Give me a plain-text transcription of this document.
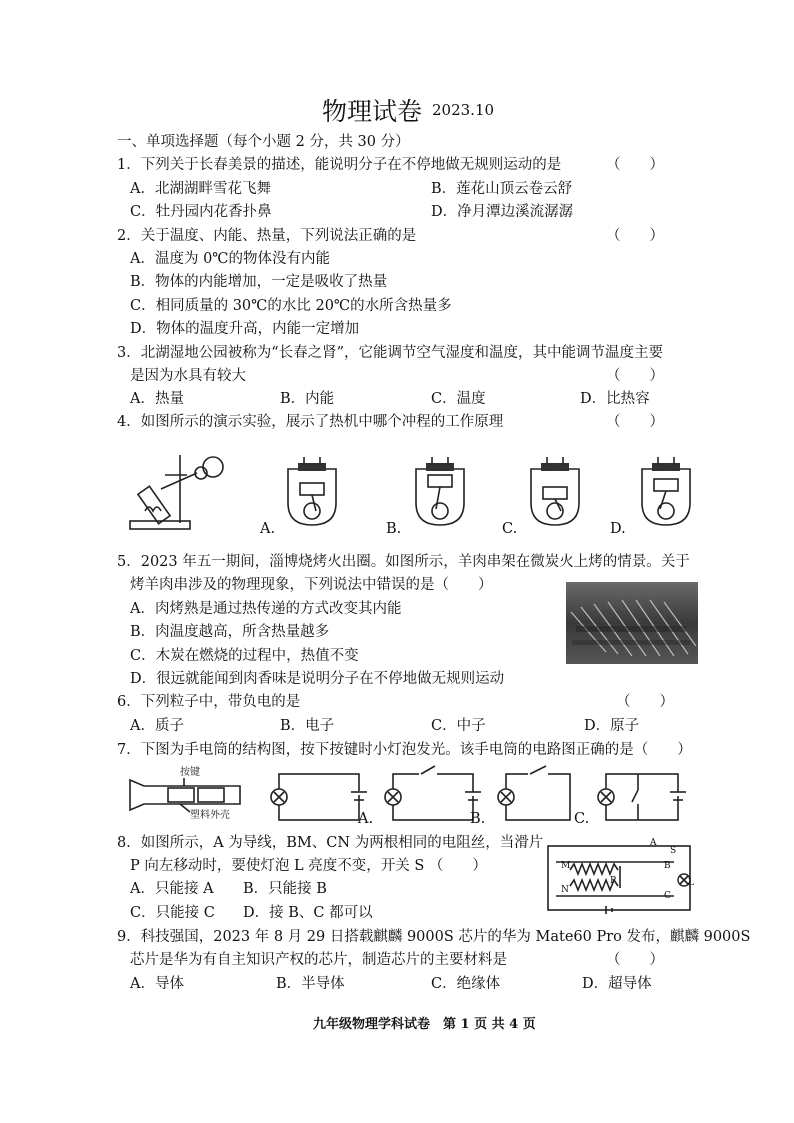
物理试卷 2023.10
一、单项选择题（每个小题 2 分，共 30 分）
1．下列关于长春美景的描述，能说明分子在不停地做无规则运动的是	（　　）
A．北湖湖畔雪花飞舞	B．莲花山顶云卷云舒
C．牡丹园内花香扑鼻	D．净月潭边溪流潺潺
2．关于温度、内能、热量，下列说法正确的是	（　　）
A．温度为 0℃的物体没有内能
B．物体的内能增加，一定是吸收了热量
C．相同质量的 30℃的水比 20℃的水所含热量多
D．物体的温度升高，内能一定增加
3．北湖湿地公园被称为“长春之肾”，它能调节空气湿度和温度，其中能调节温度主要
是因为水具有较大	（　　）
A．热量	B．内能	C．温度	D．比热容
4．如图所示的演示实验，展示了热机中哪个冲程的工作原理	（　　）
A.	B.	C.	D.
5．2023 年五一期间，淄博烧烤火出圈。如图所示，羊肉串架在微炭火上烤的情景。关于
烤羊肉串涉及的物理现象，下列说法中错误的是（　　）
A．肉烤熟是通过热传递的方式改变其内能
B．肉温度越高，所含热量越多
C．木炭在燃烧的过程中，热值不变
D．很远就能闻到肉香味是说明分子在不停地做无规则运动
6．下列粒子中，带负电的是	（　　）
A．质子	B．电子	C．中子	D．原子
7．下图为手电筒的结构图，按下按键时小灯泡发光。该手电筒的电路图正确的是（　　）
按键
塑料外壳	A.	B.	C.
8．如图所示，A 为导线，BM、CN 为两根相同的电阻丝，当滑片
P 向左移动时，要使灯泡 L 亮度不变，开关 S （　　）
A．只能接 A B．只能接 B
C．只能接 C D．接 B、C 都可以
A
S
M	B
P
N
C
L
9．科技强国，2023 年 8 月 29 日搭载麒麟 9000S 芯片的华为 Mate60 Pro 发布，麒麟 9000S
芯片是华为有自主知识产权的芯片，制造芯片的主要材料是	（　　）
A．导体	B．半导体	C．绝缘体	D．超导体
九年级物理学科试卷　第 1 页 共 4 页
